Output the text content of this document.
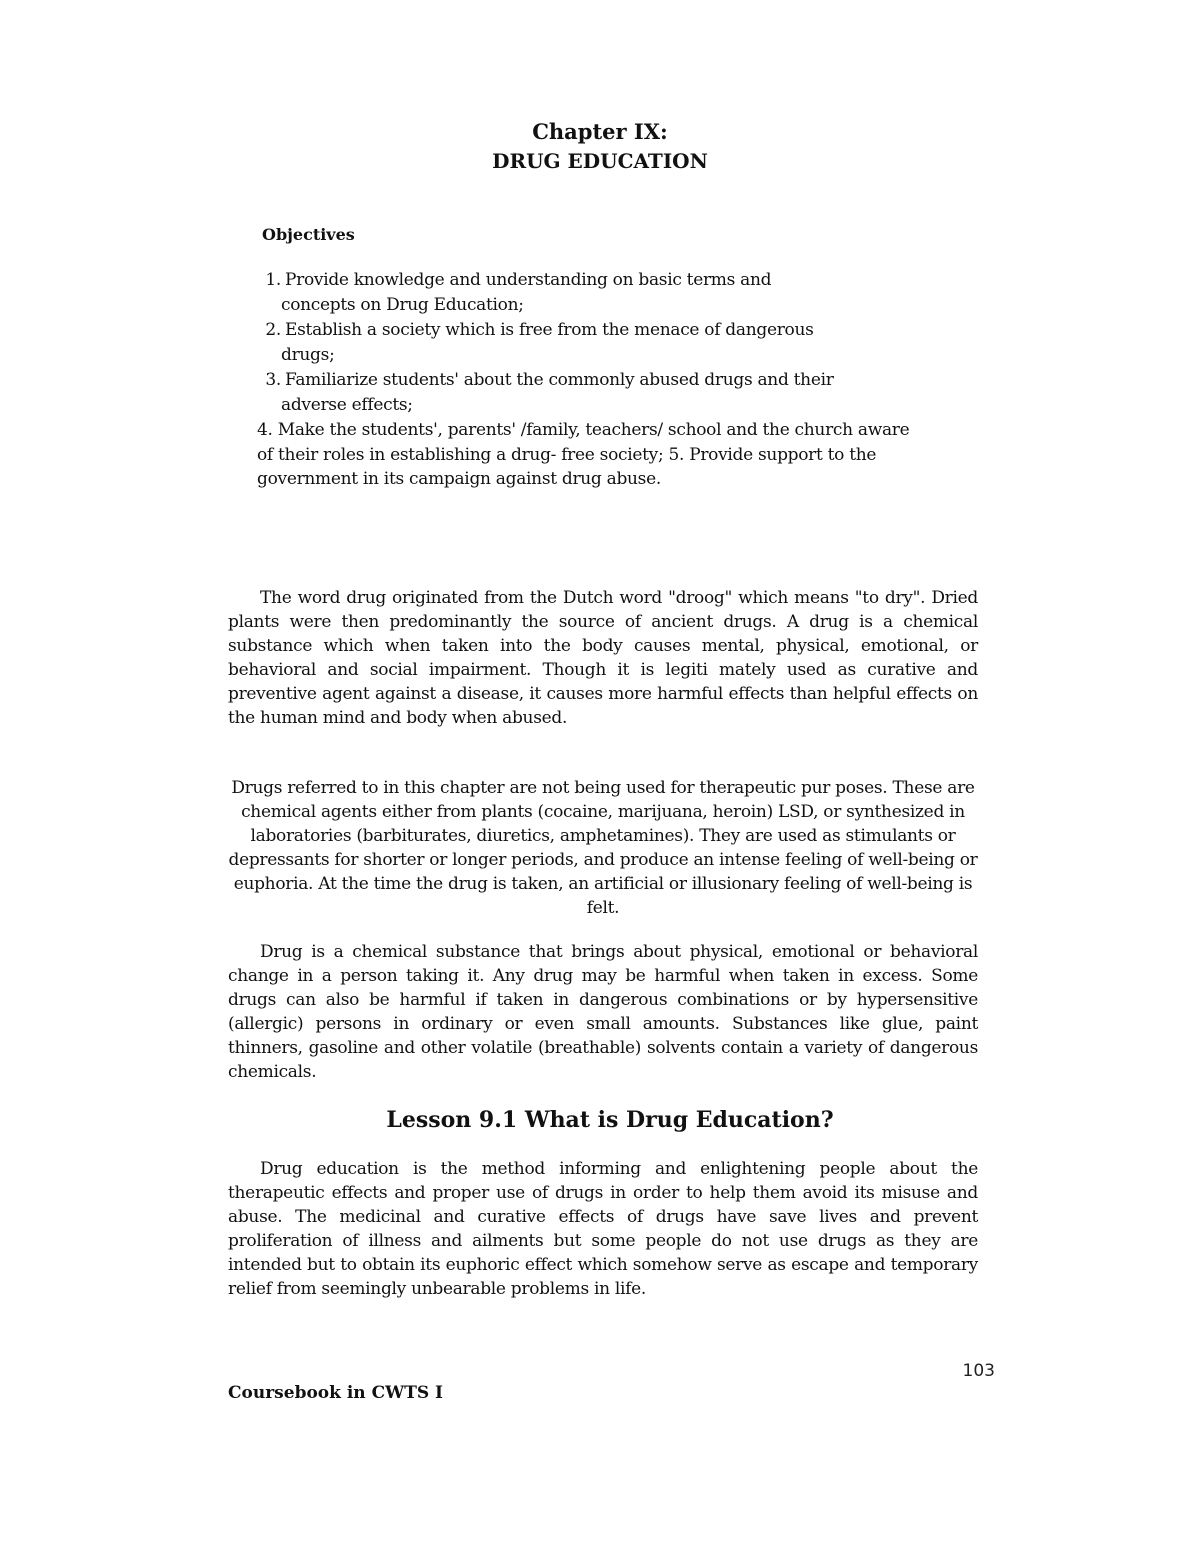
Chapter IX:
DRUG EDUCATION
Objectives
1. Provide knowledge and understanding on basic terms and
concepts on Drug Education;
2. Establish a society which is free from the menace of dangerous
drugs;
3. Familiarize students' about the commonly abused drugs and their
adverse effects;
4. Make the students', parents' /family, teachers/ school and the church aware of their roles in establishing a drug- free society; 5. Provide support to the government in its campaign against drug abuse.
The word drug originated from the Dutch word "droog" which means "to dry". Dried plants were then predominantly the source of ancient drugs. A drug is a chemical substance which when taken into the body causes mental, physical, emotional, or behavioral and social impairment. Though it is legiti mately used as curative and preventive agent against a disease, it causes more harmful effects than helpful effects on the human mind and body when abused.
Drugs referred to in this chapter are not being used for therapeutic pur poses. These are chemical agents either from plants (cocaine, marijuana, heroin) LSD, or synthesized in laboratories (barbiturates, diuretics, amphetamines). They are used as stimulants or depressants for shorter or longer periods, and produce an intense feeling of well-being or euphoria. At the time the drug is taken, an artificial or illusionary feeling of well-being is felt.
Drug is a chemical substance that brings about physical, emotional or behavioral change in a person taking it. Any drug may be harmful when taken in excess. Some drugs can also be harmful if taken in dangerous combinations or by hypersensitive (allergic) persons in ordinary or even small amounts. Substances like glue, paint thinners, gasoline and other volatile (breathable) solvents contain a variety of dangerous chemicals.
Lesson 9.1 What is Drug Education?
Drug education is the method informing and enlightening people about the therapeutic effects and proper use of drugs in order to help them avoid its misuse and abuse. The medicinal and curative effects of drugs have save lives and prevent proliferation of illness and ailments but some people do not use drugs as they are intended but to obtain its euphoric effect which somehow serve as escape and temporary relief from seemingly unbearable problems in life.
103
Coursebook in CWTS I
